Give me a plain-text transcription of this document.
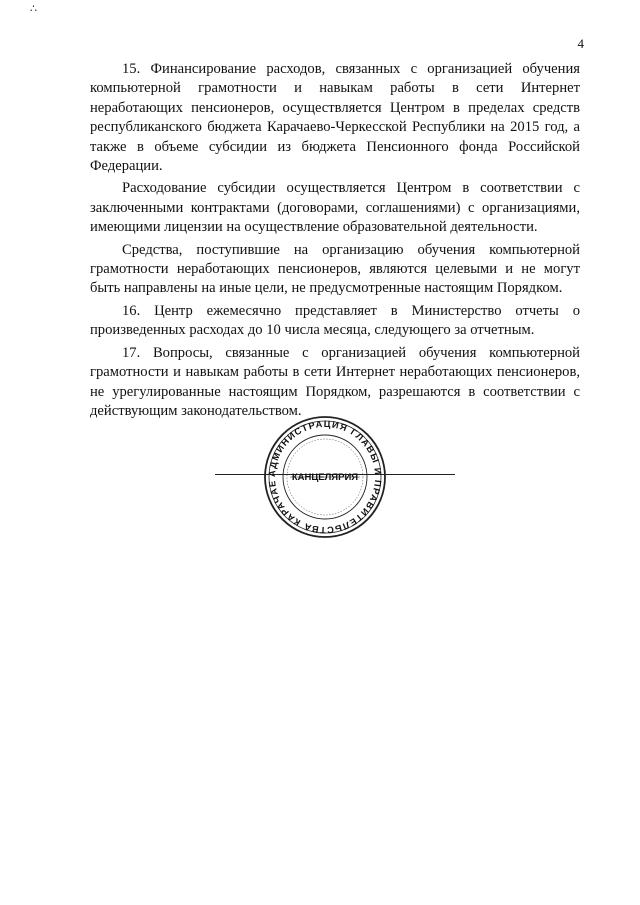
∴
4

15. Финансирование расходов, связанных с организацией обучения компьютерной грамотности и навыкам работы в сети Интернет неработающих пенсионеров, осуществляется Центром в пределах средств республиканского бюджета Карачаево-Черкесской Республики на 2015 год, а также в объеме субсидии из бюджета Пенсионного фонда Российской Федерации.

Расходование субсидии осуществляется Центром в соответствии с заключенными контрактами (договорами, соглашениями) с организациями, имеющими лицензии на осуществление образовательной деятельности.

Средства, поступившие на организацию обучения компьютерной грамотности неработающих пенсионеров, являются целевыми и не могут быть направлены на иные цели, не предусмотренные настоящим Порядком.

16. Центр ежемесячно представляет в Министерство отчеты о произведенных расходах до 10 числа месяца, следующего за отчетным.

17. Вопросы, связанные с организацией обучения компьютерной грамотности и навыкам работы в сети Интернет неработающих пенсионеров, не урегулированные настоящим Порядком, разрешаются в соответствии с действующим законодательством.

АДМИНИСТРАЦИЯ ГЛАВЫ И ПРАВИТЕЛЬСТВА КАРАЧАЕ
КАНЦЕЛЯРИЯ
